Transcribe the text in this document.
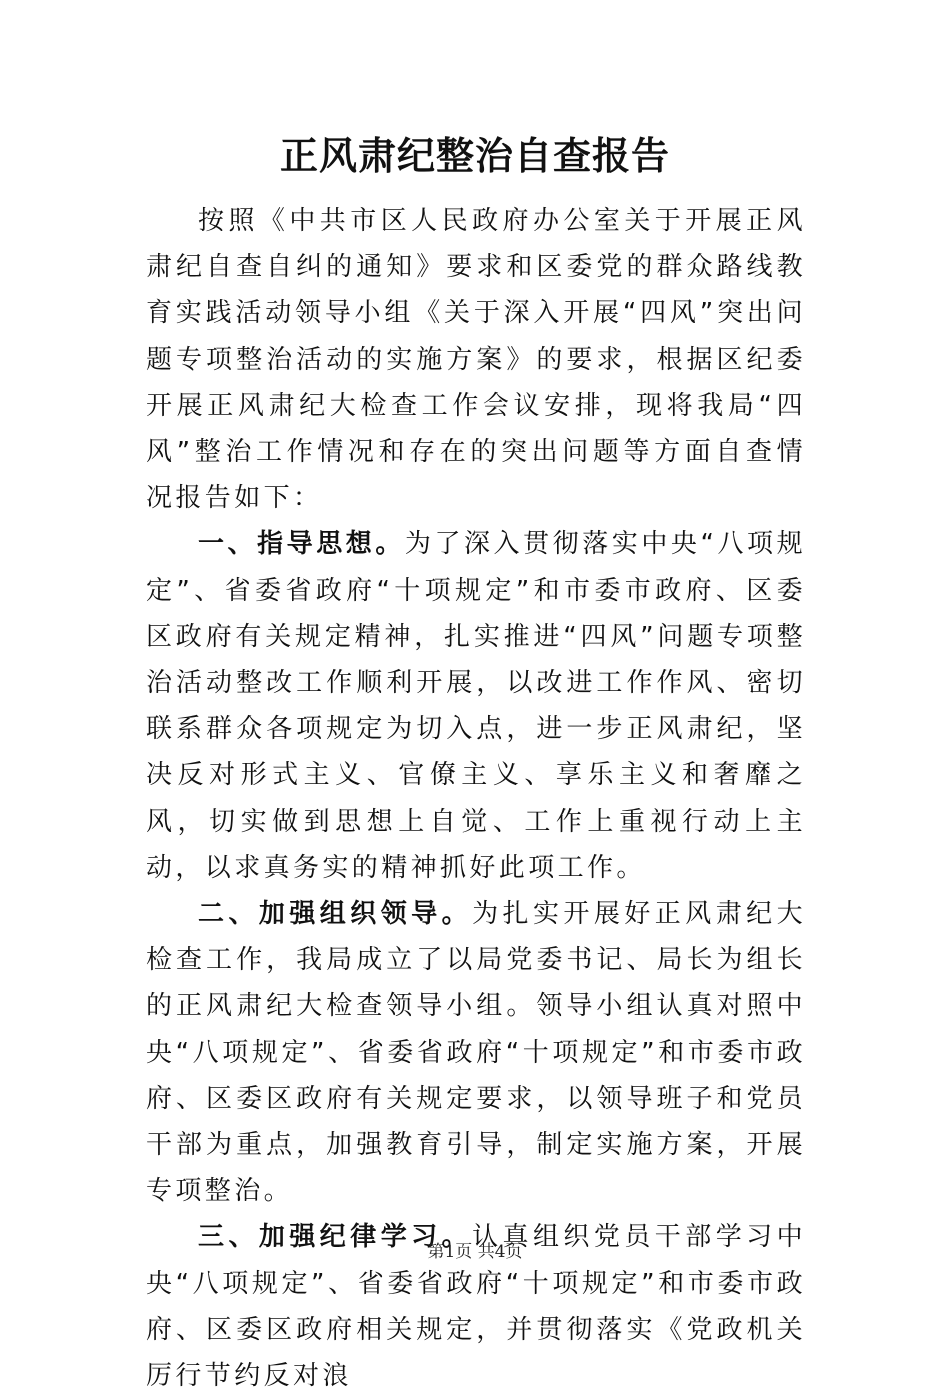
正风肃纪整治自查报告

按照《中共市区人民政府办公室关于开展正风肃纪自查自纠的通知》要求和区委党的群众路线教育实践活动领导小组《关于深入开展“四风”突出问题专项整治活动的实施方案》的要求，根据区纪委开展正风肃纪大检查工作会议安排，现将我局“四风”整治工作情况和存在的突出问题等方面自查情况报告如下：

一、指导思想。为了深入贯彻落实中央“八项规定”、省委省政府“十项规定”和市委市政府、区委区政府有关规定精神，扎实推进“四风”问题专项整治活动整改工作顺利开展，以改进工作作风、密切联系群众各项规定为切入点，进一步正风肃纪，坚决反对形式主义、官僚主义、享乐主义和奢靡之风，切实做到思想上自觉、工作上重视行动上主动，以求真务实的精神抓好此项工作。

二、加强组织领导。为扎实开展好正风肃纪大检查工作，我局成立了以局党委书记、局长为组长的正风肃纪大检查领导小组。领导小组认真对照中央“八项规定”、省委省政府“十项规定”和市委市政府、区委区政府有关规定要求，以领导班子和党员干部为重点，加强教育引导，制定实施方案，开展专项整治。

三、加强纪律学习。认真组织党员干部学习中央“八项规定”、省委省政府“十项规定”和市委市政府、区委区政府相关规定，并贯彻落实《党政机关厉行节约反对浪

第1页 共4页
